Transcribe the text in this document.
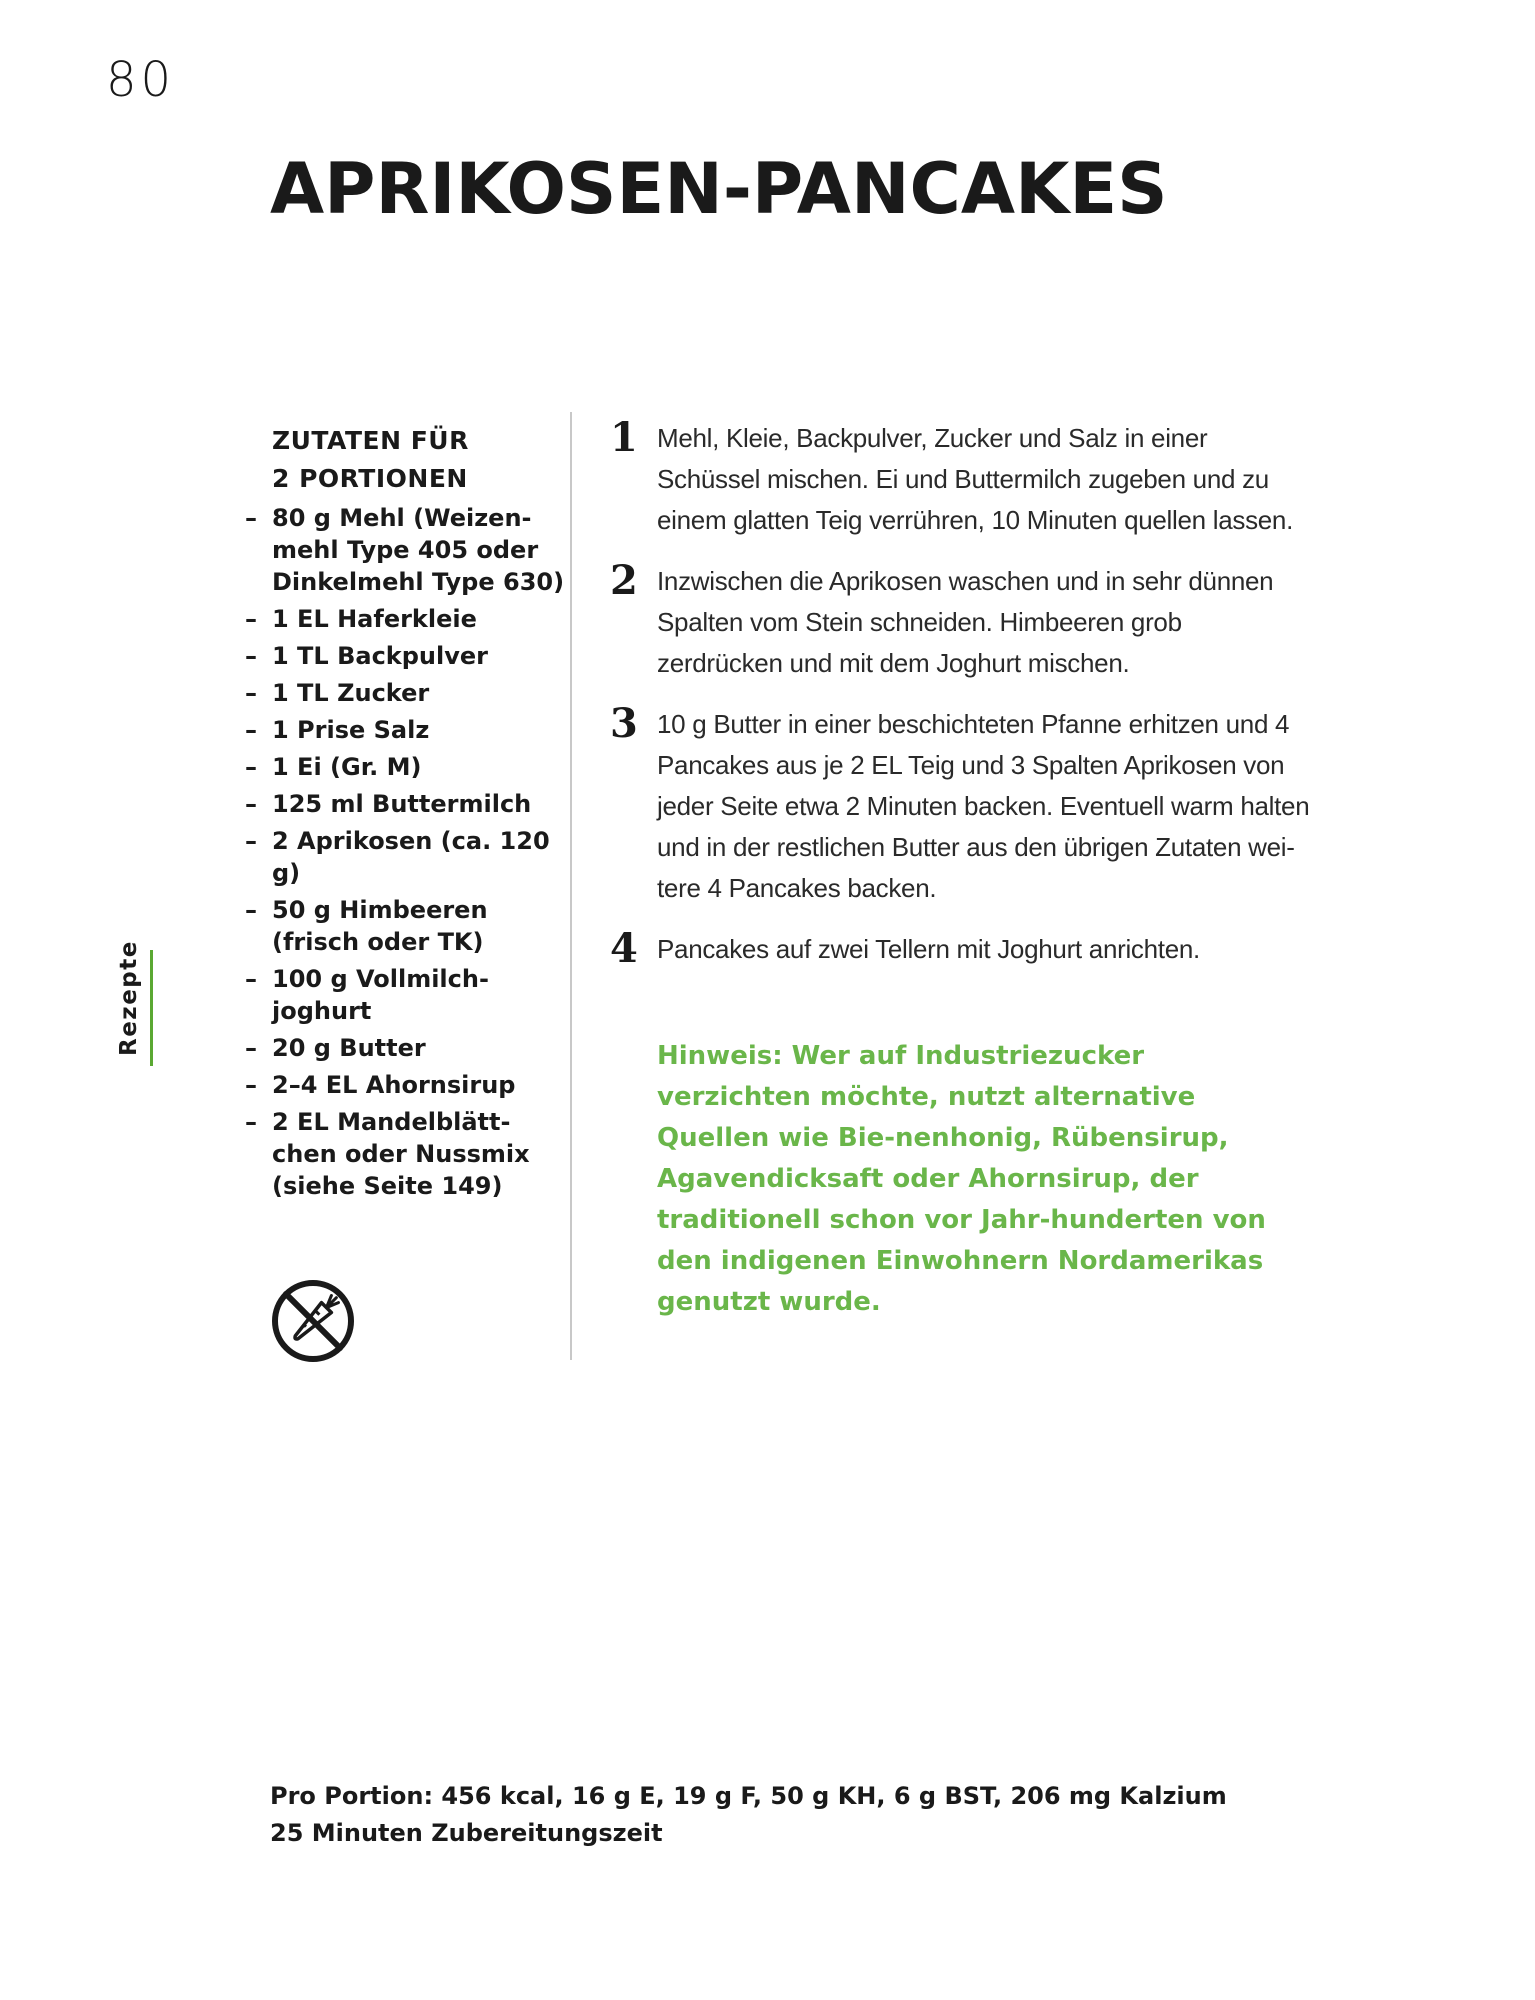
80
APRIKOSEN-PANCAKES
Rezepte
ZUTATEN FÜR
2 PORTIONEN
– 80 g Mehl (Weizen-mehl Type 405 oder Dinkelmehl Type 630)
– 1 EL Haferkleie
– 1 TL Backpulver
– 1 TL Zucker
– 1 Prise Salz
– 1 Ei (Gr. M)
– 125 ml Buttermilch
– 2 Aprikosen (ca. 120 g)
– 50 g Himbeeren (frisch oder TK)
– 100 g Vollmilch-joghurt
– 20 g Butter
– 2–4 EL Ahornsirup
– 2 EL Mandelblätt-chen oder Nussmix (siehe Seite 149)
1 Mehl, Kleie, Backpulver, Zucker und Salz in einer Schüssel mischen. Ei und Buttermilch zugeben und zu einem glatten Teig verrühren, 10 Minuten quellen lassen.
2 Inzwischen die Aprikosen waschen und in sehr dünnen Spalten vom Stein schneiden. Himbeeren grob zerdrücken und mit dem Joghurt mischen.
3 10 g Butter in einer beschichteten Pfanne erhitzen und 4 Pancakes aus je 2 EL Teig und 3 Spalten Aprikosen von jeder Seite etwa 2 Minuten backen. Eventuell warm halten und in der restlichen Butter aus den übrigen Zutaten wei-tere 4 Pancakes backen.
4 Pancakes auf zwei Tellern mit Joghurt anrichten.

Hinweis: Wer auf Industriezucker verzichten möchte, nutzt alternative Quellen wie Bie-nenhonig, Rübensirup, Agavendicksaft oder Ahornsirup, der traditionell schon vor Jahr-hunderten von den indigenen Einwohnern Nordamerikas genutzt wurde.

Pro Portion: 456 kcal, 16 g E, 19 g F, 50 g KH, 6 g BST, 206 mg Kalzium
25 Minuten Zubereitungszeit
